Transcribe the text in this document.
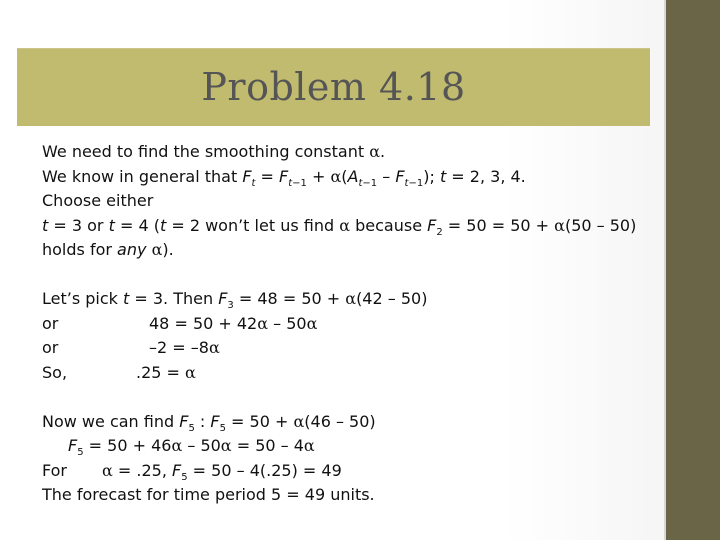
Problem 4.18
We need to find the smoothing constant α.
We know in general that $F_t = F_{t-1} + \alpha(A_{t-1} - F_{t-1})$; t = 2, 3, 4.
Choose either
t = 3 or t = 4 (t = 2 won’t let us find α because $F_2 = 50 = 50 + \alpha(50 - 50)$
holds for any α).
Let’s pick t = 3. Then $F_3 = 48 = 50 + \alpha(42 - 50)$
or	48 = 50 + 42α – 50α
or	–2 = –8α
So,	.25 = α
Now we can find $F_5$ : $F_5 = 50 + \alpha(46 - 50)$
$F_5 = 50 + 46\alpha - 50\alpha = 50 - 4\alpha$
For α = .25, $F_5 = 50 - 4(.25) = 49$
The forecast for time period 5 = 49 units.
